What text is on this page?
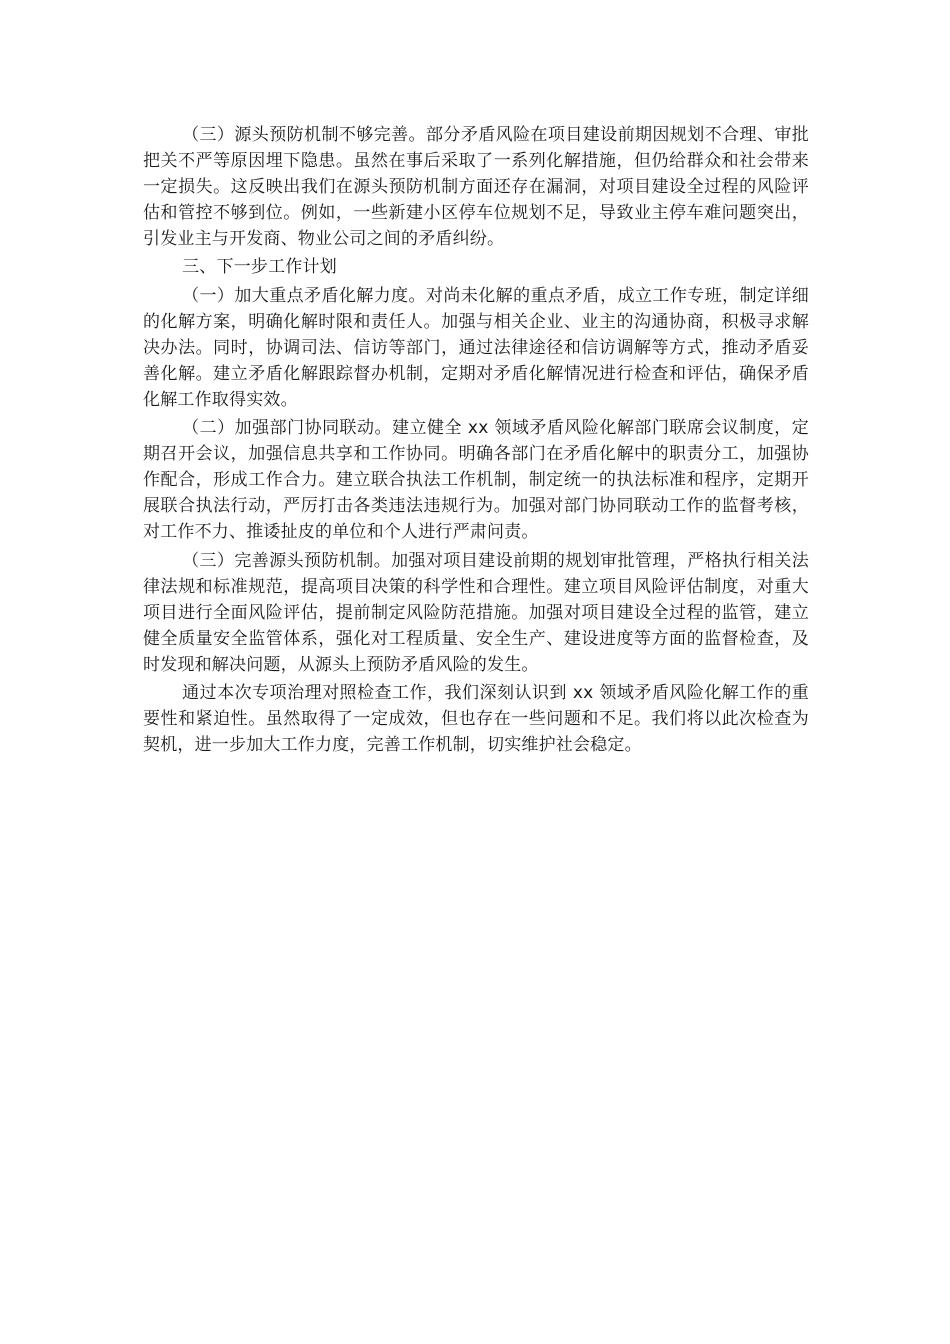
（三）源头预防机制不够完善。部分矛盾风险在项目建设前期因规划不合理、审批把关不严等原因埋下隐患。虽然在事后采取了一系列化解措施，但仍给群众和社会带来一定损失。这反映出我们在源头预防机制方面还存在漏洞，对项目建设全过程的风险评估和管控不够到位。例如，一些新建小区停车位规划不足，导致业主停车难问题突出，引发业主与开发商、物业公司之间的矛盾纠纷。

三、下一步工作计划

（一）加大重点矛盾化解力度。对尚未化解的重点矛盾，成立工作专班，制定详细的化解方案，明确化解时限和责任人。加强与相关企业、业主的沟通协商，积极寻求解决办法。同时，协调司法、信访等部门，通过法律途径和信访调解等方式，推动矛盾妥善化解。建立矛盾化解跟踪督办机制，定期对矛盾化解情况进行检查和评估，确保矛盾化解工作取得实效。

（二）加强部门协同联动。建立健全 xx 领域矛盾风险化解部门联席会议制度，定期召开会议，加强信息共享和工作协同。明确各部门在矛盾化解中的职责分工，加强协作配合，形成工作合力。建立联合执法工作机制，制定统一的执法标准和程序，定期开展联合执法行动，严厉打击各类违法违规行为。加强对部门协同联动工作的监督考核，对工作不力、推诿扯皮的单位和个人进行严肃问责。

（三）完善源头预防机制。加强对项目建设前期的规划审批管理，严格执行相关法律法规和标准规范，提高项目决策的科学性和合理性。建立项目风险评估制度，对重大项目进行全面风险评估，提前制定风险防范措施。加强对项目建设全过程的监管，建立健全质量安全监管体系，强化对工程质量、安全生产、建设进度等方面的监督检查，及时发现和解决问题，从源头上预防矛盾风险的发生。

通过本次专项治理对照检查工作，我们深刻认识到 xx 领域矛盾风险化解工作的重要性和紧迫性。虽然取得了一定成效，但也存在一些问题和不足。我们将以此次检查为契机，进一步加大工作力度，完善工作机制，切实维护社会稳定。
